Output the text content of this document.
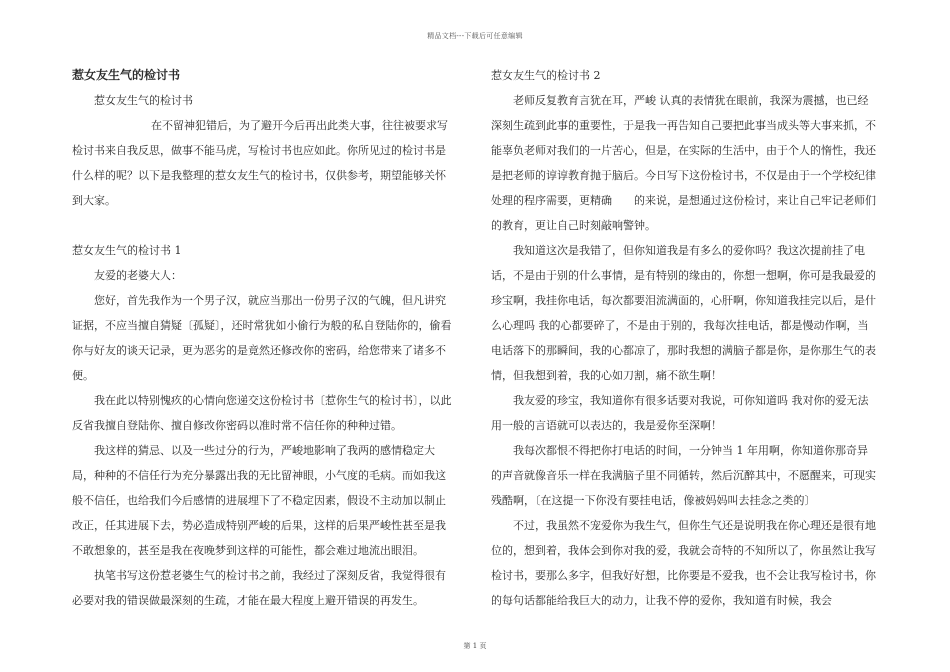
精品文档---下载后可任意编辑

惹女友生气的检讨书

惹女友生气的检讨书

在不留神犯错后，为了避开今后再出此类大事，往往被要求写检讨书来自我反思，做事不能马虎，写检讨书也应如此。你所见过的检讨书是什么样的呢？以下是我整理的惹女友生气的检讨书，仅供参考，期望能够关怀到大家。

惹女友生气的检讨书 1

友爱的老婆大人：

您好，首先我作为一个男子汉，就应当那出一份男子汉的气魄，但凡讲究证据，不应当擅自猜疑〔孤疑〕，还时常犹如小偷行为般的私自登陆你的，偷看你与好友的谈天记录，更为恶劣的是竟然还修改你的密码，给您带来了诸多不便。

我在此以特别愧疚的心情向您递交这份检讨书〔惹你生气的检讨书〕，以此反省我擅自登陆你、擅自修改你密码以准时常不信任你的种种过错。

我这样的猜忌、以及一些过分的行为，严峻地影响了我两的感情稳定大局，种种的不信任行为充分暴露出我的无比留神眼，小气度的毛病。而如我这般不信任，也给我们今后感情的进展埋下了不稳定因素，假设不主动加以制止改正，任其进展下去，势必造成特别严峻的后果，这样的后果严峻性甚至是我不敢想象的，甚至是我在夜晚梦到这样的可能性，都会难过地流出眼泪。

执笔书写这份惹老婆生气的检讨书之前，我经过了深刻反省，我觉得很有必要对我的错误做最深刻的生疏，才能在最大程度上避开错误的再发生。

惹女友生气的检讨书 2

老师反复教育言犹在耳，严峻 认真的表情犹在眼前，我深为震撼，也已经深刻生疏到此事的重要性，于是我一再告知自己要把此事当成头等大事来抓，不能辜负老师对我们的一片苦心，但是，在实际的生活中，由于个人的惰性，我还是把老师的谆谆教育抛于脑后。今日写下这份检讨书，不仅是由于一个学校纪律处理的程序需要，更精确　　的来说，是想通过这份检讨，来让自己牢记老师们的教育，更让自己时刻敲响警钟。

我知道这次是我错了，但你知道我是有多么的爱你吗？我这次提前挂了电话，不是由于别的什么事情，是有特别的缘由的，你想一想啊，你可是我最爱的珍宝啊，我挂你电话，每次都要泪流满面的，心肝啊，你知道我挂完以后，是什么心理吗 我的心都要碎了，不是由于别的，我每次挂电话，都是慢动作啊，当电话落下的那瞬间，我的心都凉了，那时我想的满脑子都是你，是你那生气的表情，但我想到着，我的心如刀割，痛不欲生啊！

我友爱的珍宝，我知道你有很多话要对我说，可你知道吗 我对你的爱无法用一般的言语就可以表达的，我是爱你至深啊！

我每次都恨不得把你打电话的时间，一分钟当 1 年用啊，你知道你那奇异的声音就像音乐一样在我满脑子里不同循转，然后沉醉其中，不愿醒来，可现实残酷啊，〔在这提一下你没有要挂电话，像被妈妈叫去挂念之类的〕

不过，我虽然不宠爱你为我生气，但你生气还是说明我在你心理还是很有地位的，想到着，我体会到你对我的爱，我就会奇特的不知所以了，你虽然让我写检讨书，要那么多字，但我好好想，比你要是不爱我，也不会让我写检讨书，你的每句话都能给我巨大的动力，让我不停的爱你，我知道有时候，我会

第 1 页
